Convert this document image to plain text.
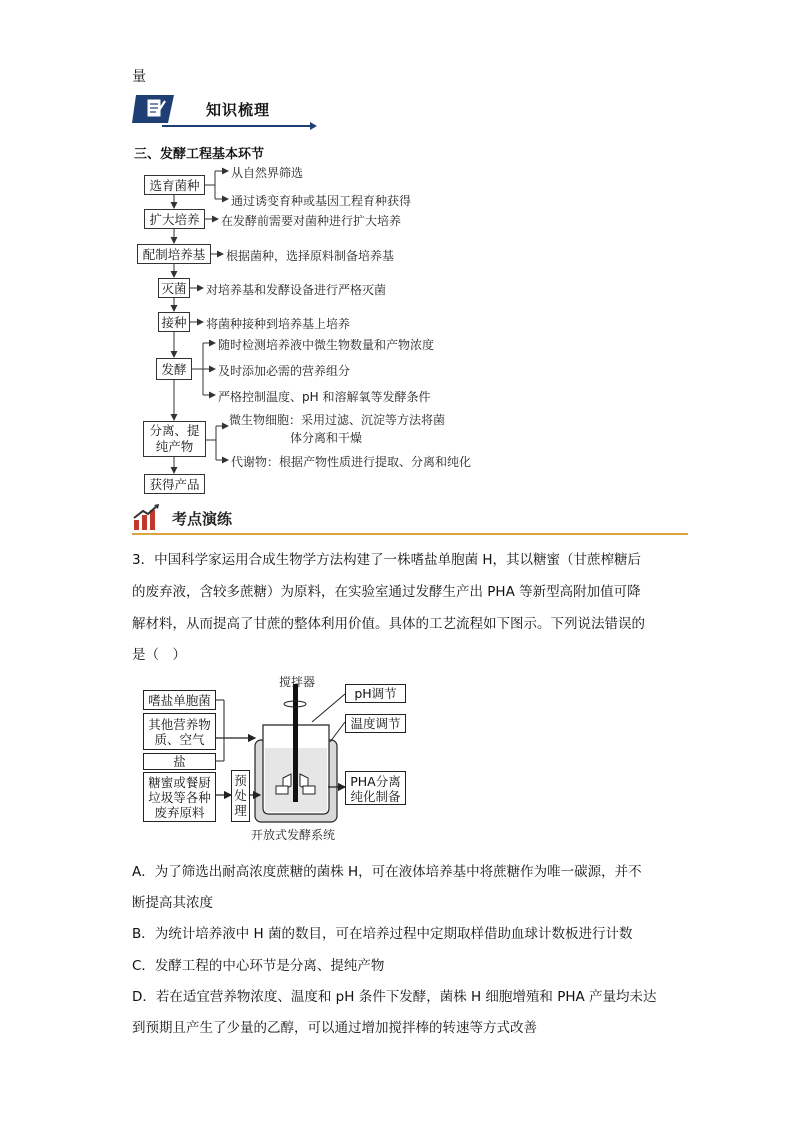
量
知识梳理
三、发酵工程基本环节
选育菌种
扩大培养
配制培养基
灭菌
接种
发酵
分离、提
纯产物
获得产品
从自然界筛选
通过诱变育种或基因工程育种获得
在发酵前需要对菌种进行扩大培养
根据菌种，选择原料制备培养基
对培养基和发酵设备进行严格灭菌
将菌种接种到培养基上培养
随时检测培养液中微生物数量和产物浓度
及时添加必需的营养组分
严格控制温度、pH 和溶解氧等发酵条件
微生物细胞：采用过滤、沉淀等方法将菌
体分离和干燥
代谢物：根据产物性质进行提取、分离和纯化
考点演练
3．中国科学家运用合成生物学方法构建了一株嗜盐单胞菌 H，其以糖蜜（甘蔗榨糖后
的废弃液，含较多蔗糖）为原料，在实验室通过发酵生产出 PHA 等新型高附加值可降
解材料，从而提高了甘蔗的整体利用价值。具体的工艺流程如下图示。下列说法错误的
是（　）
搅拌器
pH调节
温度调节
嗜盐单胞菌
其他营养物
质、空气
盐
糖蜜或餐厨
垃圾等各种
废弃原料
预
处
理
PHA分离
纯化制备
开放式发酵系统
A．为了筛选出耐高浓度蔗糖的菌株 H，可在液体培养基中将蔗糖作为唯一碳源，并不
断提高其浓度
B．为统计培养液中 H 菌的数目，可在培养过程中定期取样借助血球计数板进行计数
C．发酵工程的中心环节是分离、提纯产物
D．若在适宜营养物浓度、温度和 pH 条件下发酵，菌株 H 细胞增殖和 PHA 产量均未达
到预期且产生了少量的乙醇，可以通过增加搅拌棒的转速等方式改善
